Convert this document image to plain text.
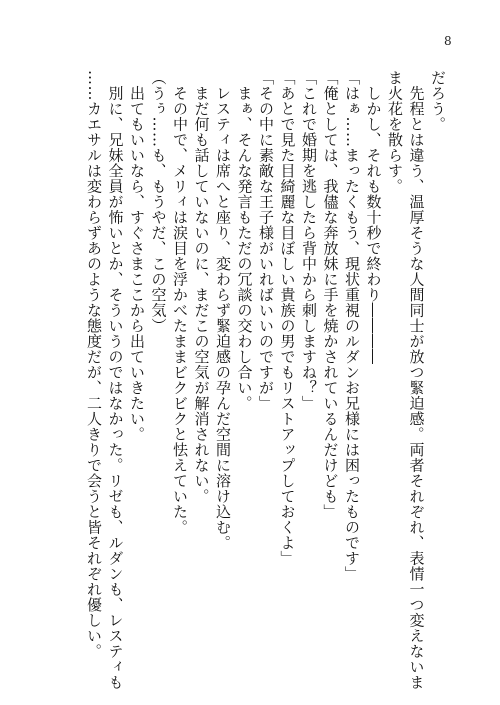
8
だろう。
　先程とは違う、温厚そうな人間同士が放つ緊迫感。両者それぞれ、表情一つ変えないま
ま火花を散らす。
　しかし、それも数十秒で終わり――――
「はぁ……まったくもう、現状重視のルダンお兄様には困ったものです」
「俺としては、我儘な奔放妹に手を焼かされているんだけども」
「これで婚期を逃したら背中から刺しますね？」
「あとで見た目綺麗な目ぼしい貴族の男でもリストアップしておくよ」
「その中に素敵な王子様がいればいいのですが」
　まぁ、そんな発言もただの冗談の交わし合い。
　レスティは席へと座り、変わらず緊迫感の孕んだ空間に溶け込む。
　まだ何も話していないのに、まだこの空気が解消されない。
　その中で、メリィは涙目を浮かべたままビクビクと怯えていた。
（うぅ……も、もうやだ、この空気）
　出てもいいなら、すぐさまここから出ていきたい。
　別に、兄妹全員が怖いとか、そういうのではなかった。リゼも、ルダンも、レスティも
……カエサルは変わらずあのような態度だが、二人きりで会うと皆それぞれ優しい。
